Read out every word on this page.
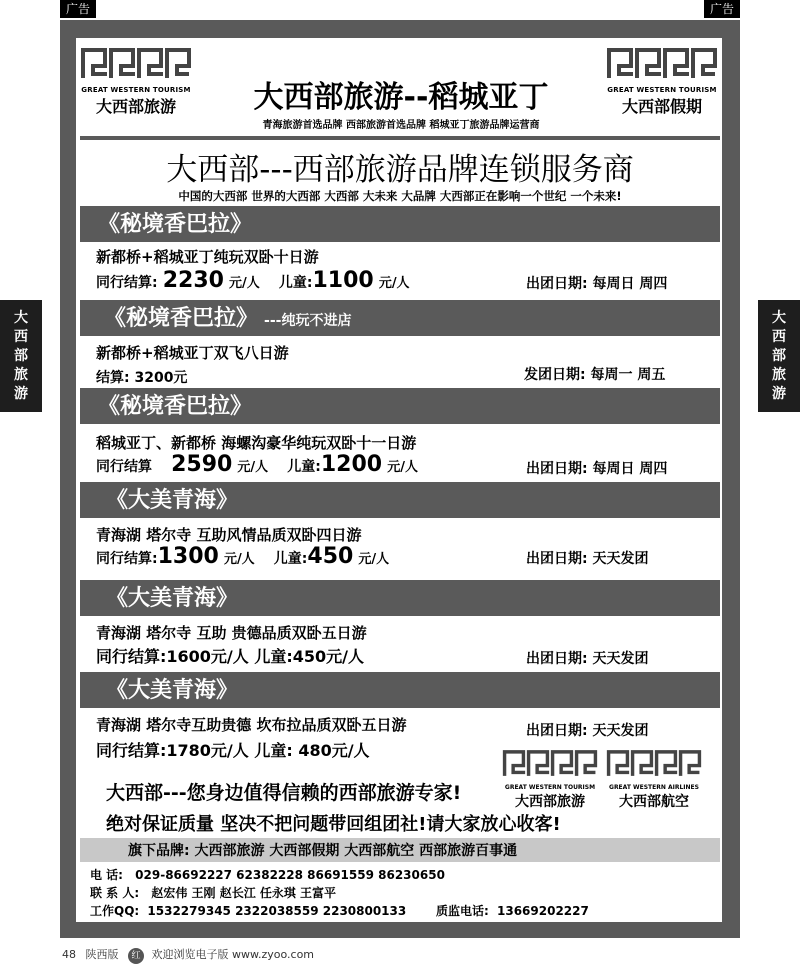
广告	广告
大
西
部
旅
游
大
西
部
旅
游
GREAT WESTERN TOURISM
大西部旅游
GREAT WESTERN TOURISM
大西部假期
大西部旅游--稻城亚丁
青海旅游首选品牌 西部旅游首选品牌 稻城亚丁旅游品牌运营商
大西部---西部旅游品牌连锁服务商
中国的大西部 世界的大西部 大西部 大未来 大品牌 大西部正在影响一个世纪 一个未来!
《秘境香巴拉》
新都桥+稻城亚丁纯玩双卧十日游
同行结算: 2230 元/人 儿童:1100 元/人	出团日期: 每周日 周四
《秘境香巴拉》 ---纯玩不进店
新都桥+稻城亚丁双飞八日游
结算: 3200元	发团日期: 每周一 周五
《秘境香巴拉》
稻城亚丁、新都桥 海螺沟豪华纯玩双卧十一日游
同行结算 2590 元/人 儿童:1200 元/人	出团日期: 每周日 周四
《大美青海》
青海湖 塔尔寺 互助风情品质双卧四日游
同行结算:1300 元/人 儿童:450 元/人	出团日期: 天天发团
《大美青海》
青海湖 塔尔寺 互助 贵德品质双卧五日游
同行结算:1600元/人 儿童:450元/人	出团日期: 天天发团
《大美青海》
青海湖 塔尔寺互助贵德 坎布拉品质双卧五日游
同行结算:1780元/人 儿童: 480元/人
出团日期: 天天发团
GREAT WESTERN TOURISM
大西部旅游
GREAT WESTERN AIRLINES
大西部航空
大西部---您身边值得信赖的西部旅游专家!
绝对保证质量 坚决不把问题带回组团社!请大家放心收客!
旗下品牌: 大西部旅游 大西部假期 大西部航空 西部旅游百事通
电 话: 029-86692227 62382228 86691559 86230650
联 系 人: 赵宏伟 王刚 赵长江 任永琪 王富平
工作QQ: 1532279345 2322038559 2230800133 质监电话: 13669202227
48 陕西版 红 欢迎浏览电子版 www.zyoo.com
